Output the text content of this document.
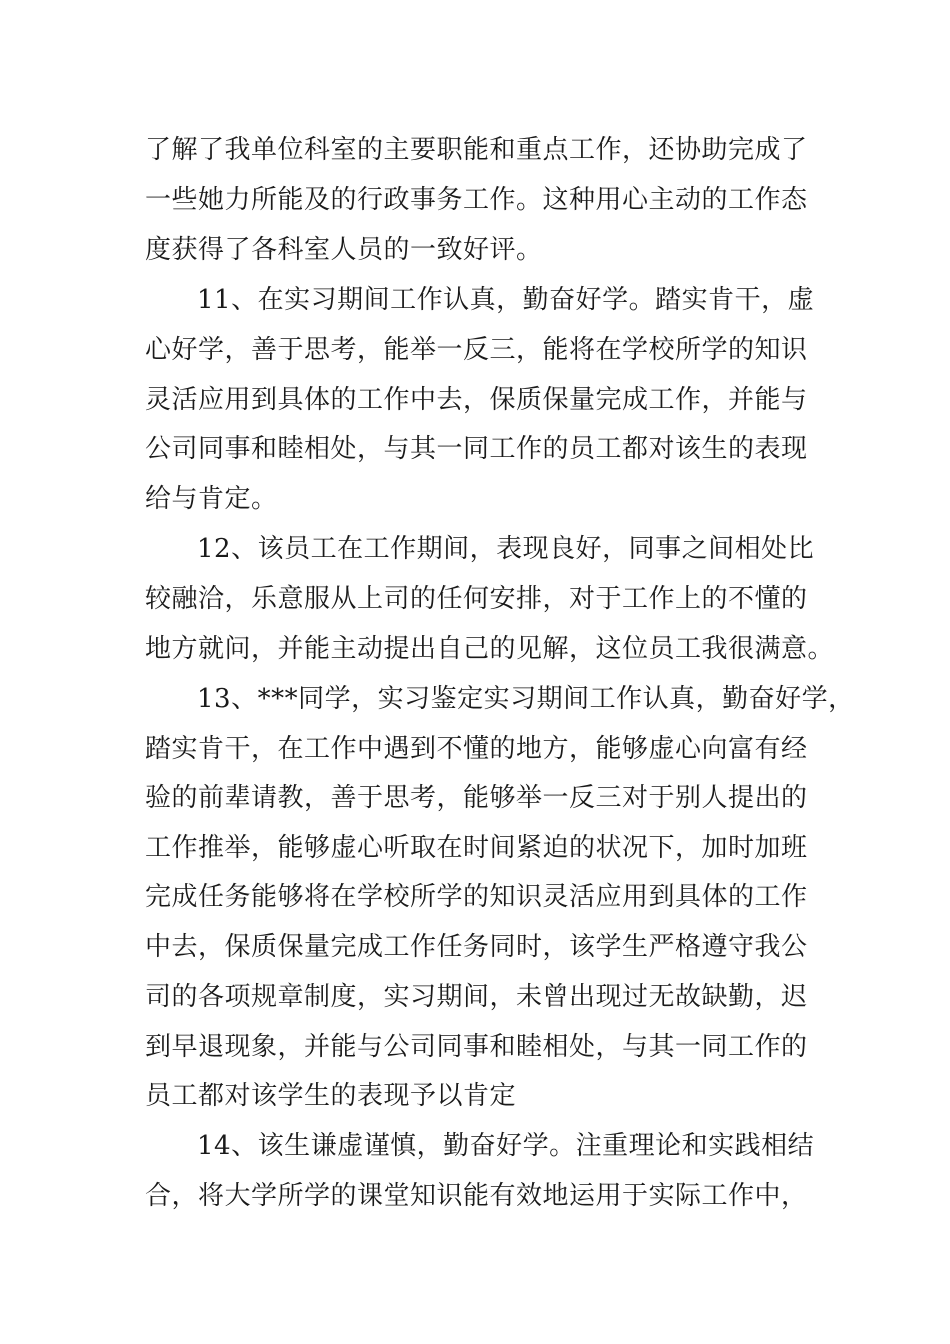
了解了我单位科室的主要职能和重点工作，还协助完成了
一些她力所能及的行政事务工作。这种用心主动的工作态
度获得了各科室人员的一致好评。
11、在实习期间工作认真，勤奋好学。踏实肯干，虚
心好学，善于思考，能举一反三，能将在学校所学的知识
灵活应用到具体的工作中去，保质保量完成工作，并能与
公司同事和睦相处，与其一同工作的员工都对该生的表现
给与肯定。
12、该员工在工作期间，表现良好，同事之间相处比
较融洽，乐意服从上司的任何安排，对于工作上的不懂的
地方就问，并能主动提出自己的见解，这位员工我很满意。
13、***同学，实习鉴定实习期间工作认真，勤奋好学，
踏实肯干，在工作中遇到不懂的地方，能够虚心向富有经
验的前辈请教，善于思考，能够举一反三对于别人提出的
工作推举，能够虚心听取在时间紧迫的状况下，加时加班
完成任务能够将在学校所学的知识灵活应用到具体的工作
中去，保质保量完成工作任务同时，该学生严格遵守我公
司的各项规章制度，实习期间，未曾出现过无故缺勤，迟
到早退现象，并能与公司同事和睦相处，与其一同工作的
员工都对该学生的表现予以肯定
14、该生谦虚谨慎，勤奋好学。注重理论和实践相结
合，将大学所学的课堂知识能有效地运用于实际工作中，
